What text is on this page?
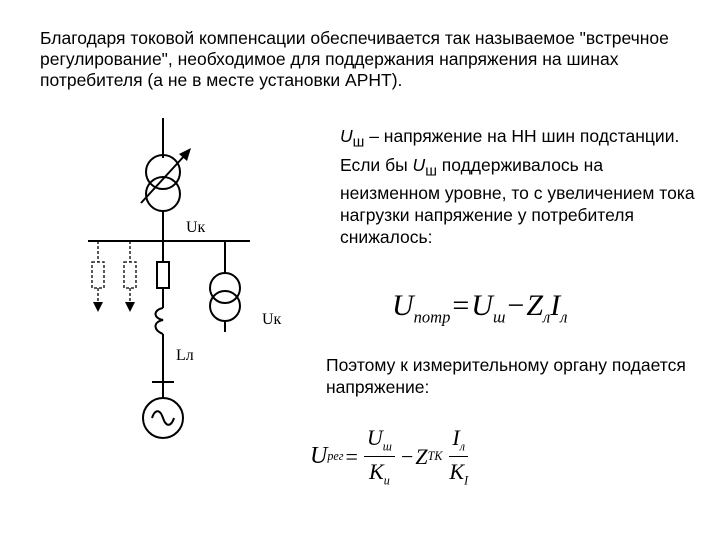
Благодаря токовой компенсации обеспечивается так называемое "встречное регулирование", необходимое для поддержания напряжения на шинах потребителя (а не в месте установки АРНТ).

Uк
Uк
Lл

$U_ш$ – напряжение на НН шин подстанции. Если бы $U_ш$ поддерживалось на неизменном уровне, то с увеличением тока нагрузки напряжение у потребителя снижалось:

$U_{потр}=U_ш-Z_лI_л$

Поэтому к измерительному органу подается напряжение:

U рег = $\frac{U_ш}{K_и} - Z$ ТК $\frac{I_л}{K_I}$
